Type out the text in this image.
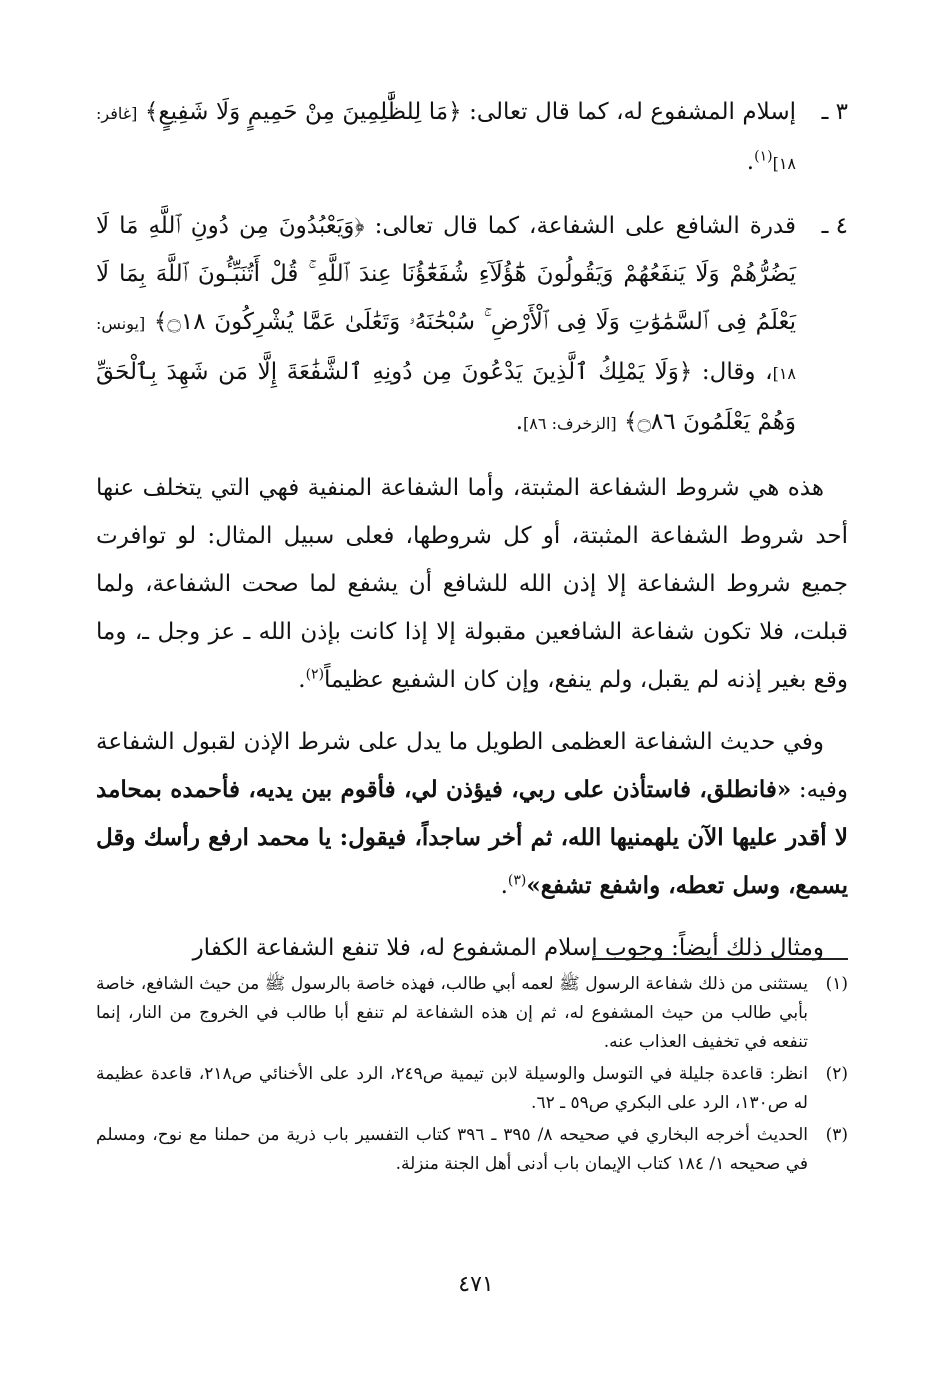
٣ ـ

إسلام المشفوع له، كما قال تعالى: ﴿مَا لِلظَّٰلِمِينَ مِنْ حَمِيمٍ وَلَا شَفِيعٍ﴾ [غافر: ١٨]$^{(١)}$.

٤ ـ

قدرة الشافع على الشفاعة، كما قال تعالى: ﴿وَيَعْبُدُونَ مِن دُونِ ٱللَّهِ مَا لَا يَضُرُّهُمْ وَلَا يَنفَعُهُمْ وَيَقُولُونَ هَٰٓؤُلَآءِ شُفَعَٰٓؤُنَا عِندَ ٱللَّهِ ۚ قُلْ أَتُنَبِّـُٔونَ ٱللَّهَ بِمَا لَا يَعْلَمُ فِى ٱلسَّمَٰوَٰتِ وَلَا فِى ٱلْأَرْضِ ۚ سُبْحَٰنَهُۥ وَتَعَٰلَىٰ عَمَّا يُشْرِكُونَ ۝١٨﴾ [يونس: ١٨]، وقال: ﴿وَلَا يَمْلِكُ ٱلَّذِينَ يَدْعُونَ مِن دُونِهِ ٱلشَّفَٰعَةَ إِلَّا مَن شَهِدَ بِٱلْحَقِّ وَهُمْ يَعْلَمُونَ ۝٨٦﴾ [الزخرف: ٨٦].

هذه هي شروط الشفاعة المثبتة، وأما الشفاعة المنفية فهي التي يتخلف عنها أحد شروط الشفاعة المثبتة، أو كل شروطها، فعلى سبيل المثال: لو توافرت جميع شروط الشفاعة إلا إذن الله للشافع أن يشفع لما صحت الشفاعة، ولما قبلت، فلا تكون شفاعة الشافعين مقبولة إلا إذا كانت بإذن الله ـ عز وجل ـ، وما وقع بغير إذنه لم يقبل، ولم ينفع، وإن كان الشفيع عظيماً$^{(٢)}$.

وفي حديث الشفاعة العظمى الطويل ما يدل على شرط الإذن لقبول الشفاعة وفيه: «فانطلق، فاستأذن على ربي، فيؤذن لي، فأقوم بين يديه، فأحمده بمحامد لا أقدر عليها الآن يلهمنيها الله، ثم أخر ساجداً، فيقول: يا محمد ارفع رأسك وقل يسمع، وسل تعطه، واشفع تشفع»$^{(٣)}$.

ومثال ذلك أيضاً: وجوب إسلام المشفوع له، فلا تنفع الشفاعة الكفار

(١)
يستثنى من ذلك شفاعة الرسول ﷺ لعمه أبي طالب، فهذه خاصة بالرسول ﷺ من حيث الشافع، خاصة بأبي طالب من حيث المشفوع له، ثم إن هذه الشفاعة لم تنفع أبا طالب في الخروج من النار، إنما تنفعه في تخفيف العذاب عنه.
(٢)
انظر: قاعدة جليلة في التوسل والوسيلة لابن تيمية ص٢٤٩، الرد على الأخنائي ص٢١٨، قاعدة عظيمة له ص١٣٠، الرد على البكري ص٥٩ ـ ٦٢.
(٣)
الحديث أخرجه البخاري في صحيحه ٨/ ٣٩٥ ـ ٣٩٦ كتاب التفسير باب ذرية من حملنا مع نوح، ومسلم في صحيحه ١/ ١٨٤ كتاب الإيمان باب أدنى أهل الجنة منزلة.
٤٧١
